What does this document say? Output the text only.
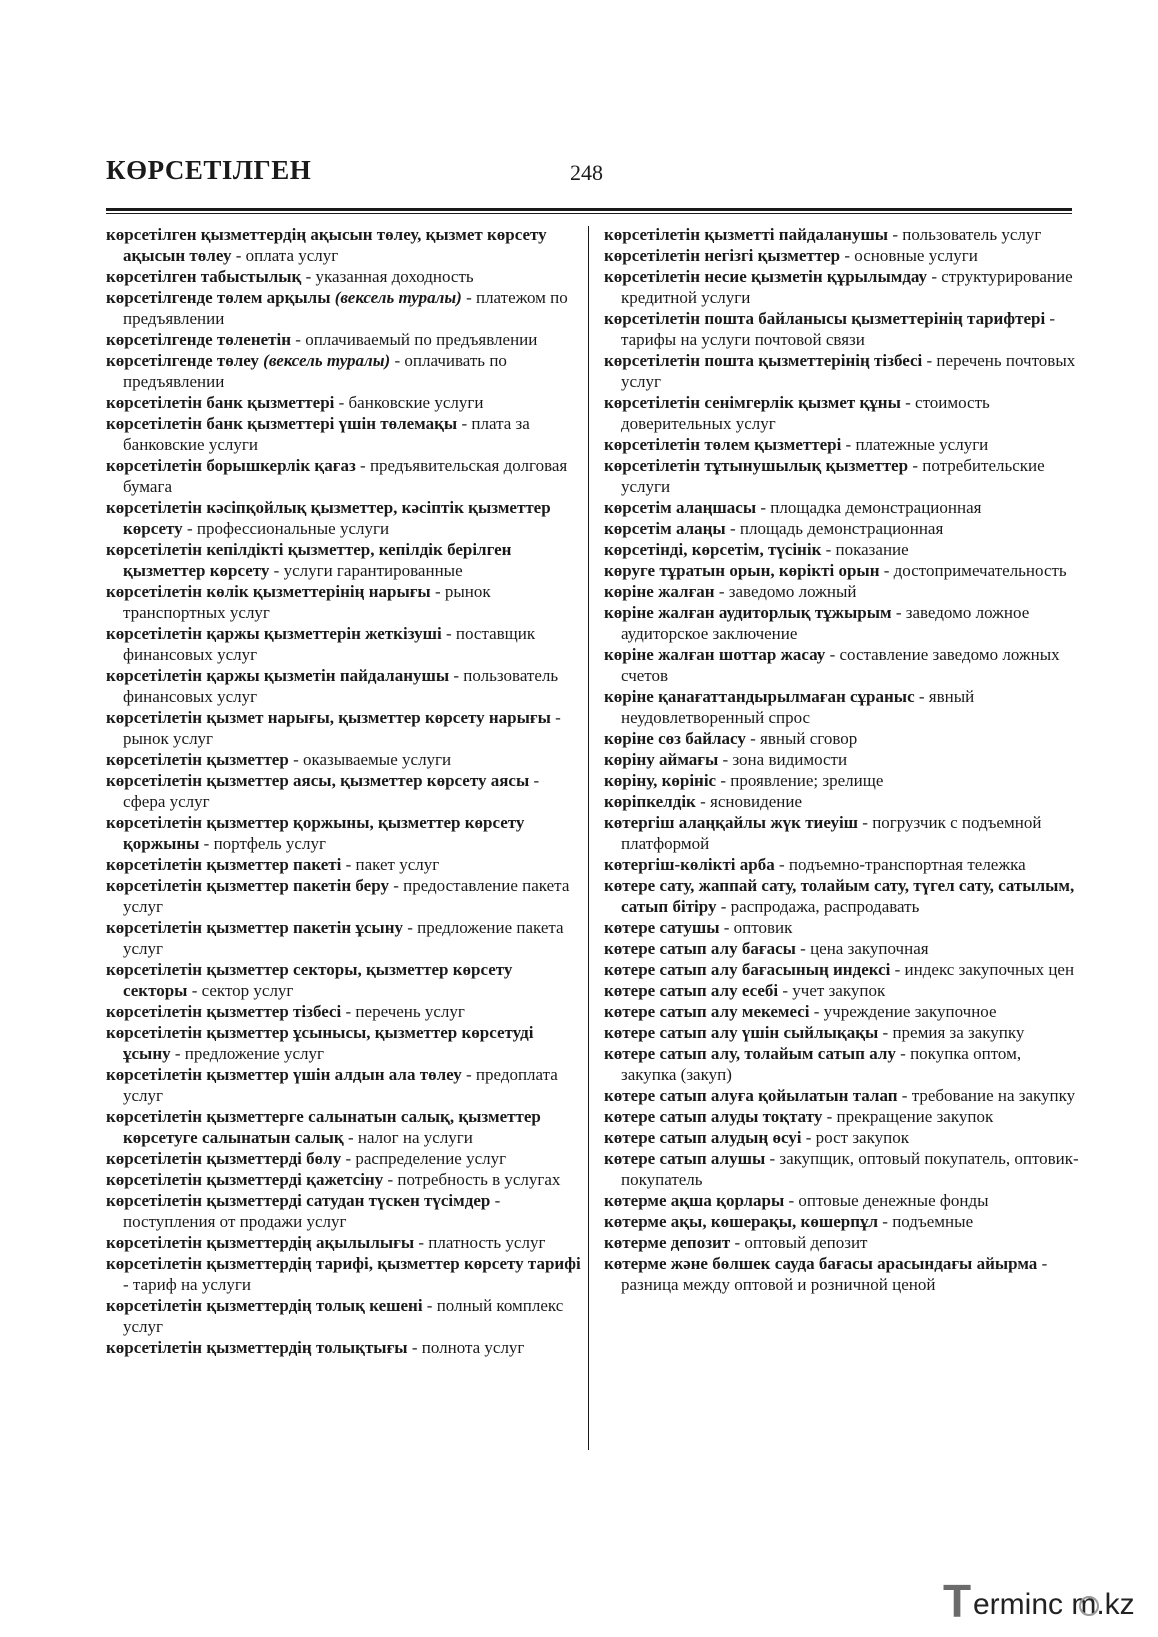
КӨРСЕТІЛГЕН	248

көрсетілген қызметтердің ақысын төлеу, қызмет көрсету ақысын төлеу - оплата услуг

көрсетілген табыстылық - указанная доходность

көрсетілгенде төлем арқылы (вексель туралы) - платежом по предъявлении

көрсетілгенде төленетін - оплачиваемый по предъявлении

көрсетілгенде төлеу (вексель туралы) - оплачивать по предъявлении

көрсетілетін банк қызметтері - банковские услуги

көрсетілетін банк қызметтері үшін төлемақы - плата за банковские услуги

көрсетілетін борышкерлік қағаз - предъявительская долговая бумага

көрсетілетін кәсіпқойлық қызметтер, кәсіптік қызметтер көрсету - профессиональные услуги

көрсетілетін кепілдікті қызметтер, кепілдік берілген қызметтер көрсету - услуги гарантированные

көрсетілетін көлік қызметтерінің нарығы - рынок транспортных услуг

көрсетілетін қаржы қызметтерін жеткізуші - поставщик финансовых услуг

көрсетілетін қаржы қызметін пайдаланушы - пользователь финансовых услуг

көрсетілетін қызмет нарығы, қызметтер көрсету нарығы - рынок услуг

көрсетілетін қызметтер - оказываемые услуги

көрсетілетін қызметтер аясы, қызметтер көрсету аясы - сфера услуг

көрсетілетін қызметтер қоржыны, қызметтер көрсету қоржыны - портфель услуг

көрсетілетін қызметтер пакеті - пакет услуг

көрсетілетін қызметтер пакетін беру - предоставление пакета услуг

көрсетілетін қызметтер пакетін ұсыну - предложение пакета услуг

көрсетілетін қызметтер секторы, қызметтер көрсету секторы - сектор услуг

көрсетілетін қызметтер тізбесі - перечень услуг

көрсетілетін қызметтер ұсынысы, қызметтер көрсетуді ұсыну - предложение услуг

көрсетілетін қызметтер үшін алдын ала төлеу - предоплата услуг

көрсетілетін қызметтерге салынатын салық, қызметтер көрсетуге салынатын салық - налог на услуги

көрсетілетін қызметтерді бөлу - распределение услуг

көрсетілетін қызметтерді қажетсіну - потребность в услугах

көрсетілетін қызметтерді сатудан түскен түсімдер - поступления от продажи услуг

көрсетілетін қызметтердің ақылылығы - платность услуг

көрсетілетін қызметтердің тарифі, қызметтер көрсету тарифі - тариф на услуги

көрсетілетін қызметтердің толық кешені - полный комплекс услуг

көрсетілетін қызметтердің толықтығы - полнота услуг

көрсетілетін қызметті пайдаланушы - пользователь услуг

көрсетілетін негізгі қызметтер - основные услуги

көрсетілетін несие қызметін құрылымдау - структурирование кредитной услуги

көрсетілетін пошта байланысы қызметтерінің тарифтері - тарифы на услуги почтовой связи

көрсетілетін пошта қызметтерінің тізбесі - перечень почтовых услуг

көрсетілетін сенімгерлік қызмет құны - стоимость доверительных услуг

көрсетілетін төлем қызметтері - платежные услуги

көрсетілетін тұтынушылық қызметтер - потребительские услуги

көрсетім алаңшасы - площадка демонстрационная

көрсетім алаңы - площадь демонстрационная

көрсетінді, көрсетім, түсінік - показание

көруге тұратын орын, көрікті орын - достопримечательность

көріне жалған - заведомо ложный

көріне жалған аудиторлық тұжырым - заведомо ложное аудиторское заключение

көріне жалған шоттар жасау - составление заведомо ложных счетов

көріне қанағаттандырылмаған сұраныс - явный неудовлетворенный спрос

көріне сөз байласу - явный сговор

көріну аймағы - зона видимости

көріну, көрініс - проявление; зрелище

көріпкелдік - ясновидение

көтергіш алаңқайлы жүк тиеуіш - погрузчик с подъемной платформой

көтергіш-көлікті арба - подъемно-транспортная тележка

көтере сату, жаппай сату, толайым сату, түгел сату, сатылым, сатып бітіру - распродажа, распродавать

көтере сатушы - оптовик

көтере сатып алу бағасы - цена закупочная

көтере сатып алу бағасының индексі - индекс закупочных цен

көтере сатып алу есебі - учет закупок

көтере сатып алу мекемесі - учреждение закупочное

көтере сатып алу үшін сыйлықақы - премия за закупку

көтере сатып алу, толайым сатып алу - покупка оптом, закупка (закуп)

көтере сатып алуға қойылатын талап - требование на закупку

көтере сатып алуды тоқтату - прекращение закупок

көтере сатып алудың өсуі - рост закупок

көтере сатып алушы - закупщик, оптовый покупатель, оптовик-покупатель

көтерме ақша қорлары - оптовые денежные фонды

көтерме ақы, көшерақы, көшерпұл - подъемные

көтерме депозит - оптовый депозит

көтерме және бөлшек сауда бағасы арасындағы айырма - разница между оптовой и розничной ценой

T erminc m.kz
